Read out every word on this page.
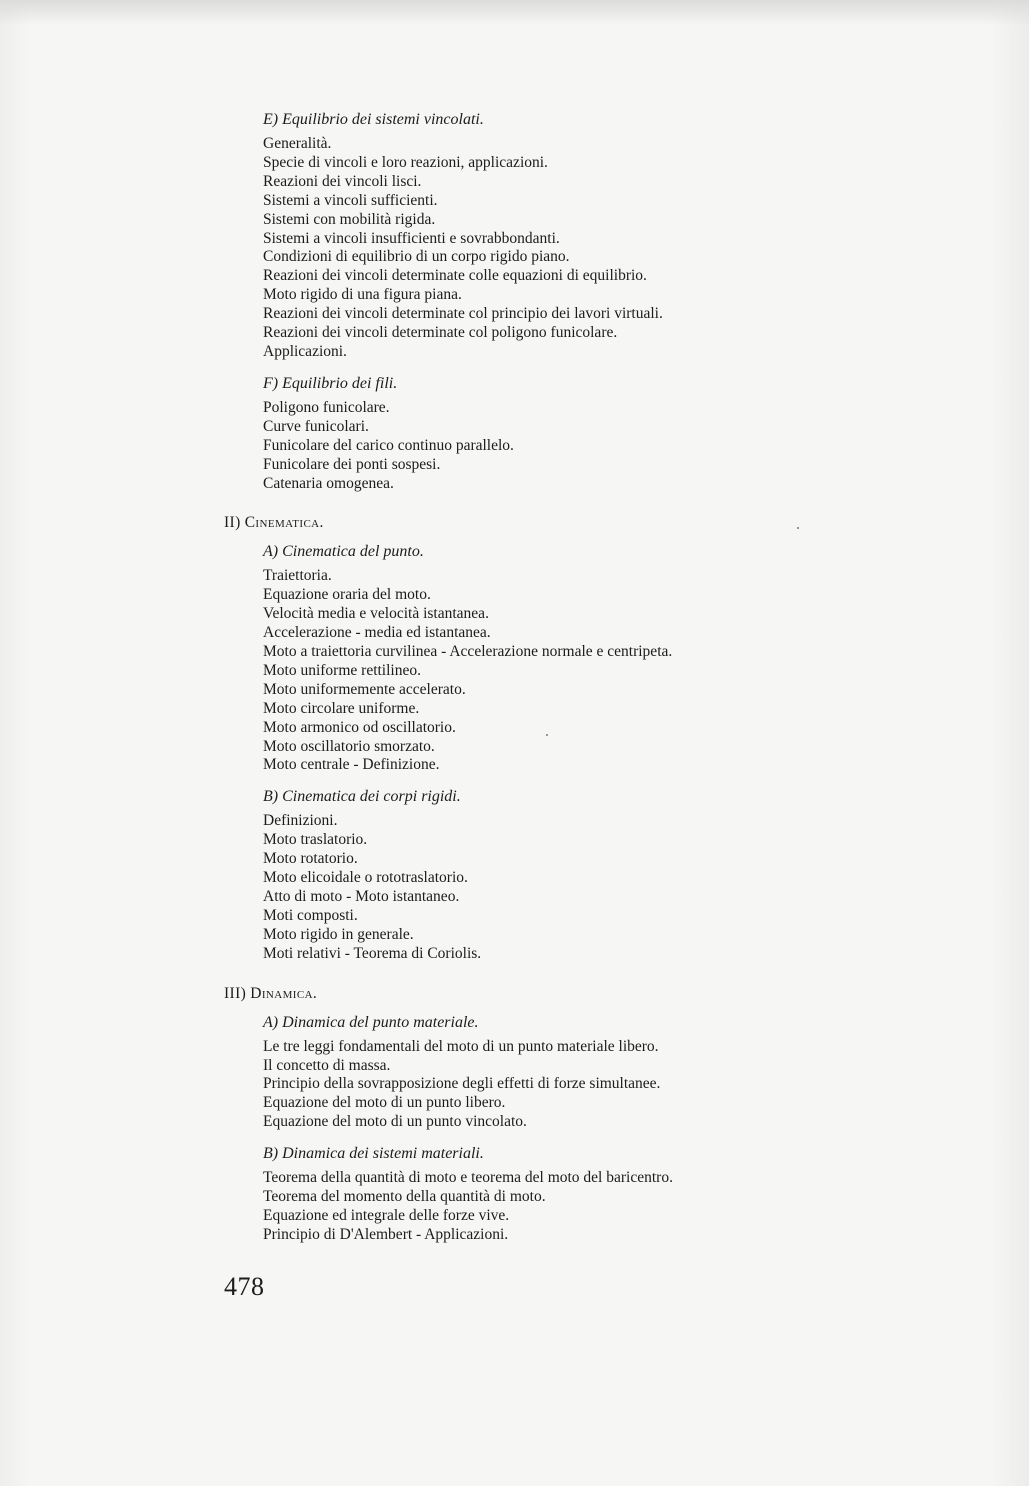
E) Equilibrio dei sistemi vincolati.
Generalità.
Specie di vincoli e loro reazioni, applicazioni.
Reazioni dei vincoli lisci.
Sistemi a vincoli sufficienti.
Sistemi con mobilità rigida.
Sistemi a vincoli insufficienti e sovrabbondanti.
Condizioni di equilibrio di un corpo rigido piano.
Reazioni dei vincoli determinate colle equazioni di equilibrio.
Moto rigido di una figura piana.
Reazioni dei vincoli determinate col principio dei lavori virtuali.
Reazioni dei vincoli determinate col poligono funicolare.
Applicazioni.
F) Equilibrio dei fili.
Poligono funicolare.
Curve funicolari.
Funicolare del carico continuo parallelo.
Funicolare dei ponti sospesi.
Catenaria omogenea.
II) Cinematica.
A) Cinematica del punto.
Traiettoria.
Equazione oraria del moto.
Velocità media e velocità istantanea.
Accelerazione - media ed istantanea.
Moto a traiettoria curvilinea - Accelerazione normale e centripeta.
Moto uniforme rettilineo.
Moto uniformemente accelerato.
Moto circolare uniforme.
Moto armonico od oscillatorio.
Moto oscillatorio smorzato.
Moto centrale - Definizione.
B) Cinematica dei corpi rigidi.
Definizioni.
Moto traslatorio.
Moto rotatorio.
Moto elicoidale o rototraslatorio.
Atto di moto - Moto istantaneo.
Moti composti.
Moto rigido in generale.
Moti relativi - Teorema di Coriolis.
III) Dinamica.
A) Dinamica del punto materiale.
Le tre leggi fondamentali del moto di un punto materiale libero.
Il concetto di massa.
Principio della sovrapposizione degli effetti di forze simultanee.
Equazione del moto di un punto libero.
Equazione del moto di un punto vincolato.
B) Dinamica dei sistemi materiali.
Teorema della quantità di moto e teorema del moto del baricentro.
Teorema del momento della quantità di moto.
Equazione ed integrale delle forze vive.
Principio di D'Alembert - Applicazioni.
478
